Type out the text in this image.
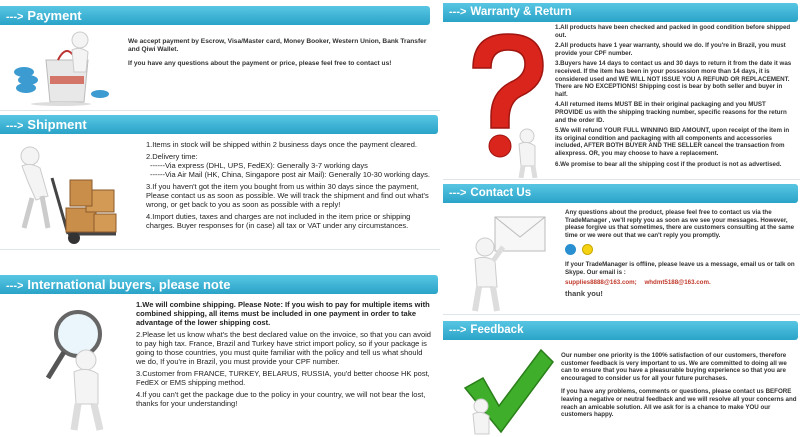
---> Payment

We accept payment by Escrow, Visa/Master card, Money Booker, Western Union, Bank Transfer and Qiwi Wallet.

If you have any questions about the payment or price, please feel free to contact us!

---> Shipment

1.Items in stock will be shipped within 2 business days once the payment cleared.

2.Delivery time:

------Via express (DHL, UPS, FedEX): Generally 3-7 working days

------Via Air Mail (HK, China, Singapore post air Mail): Generally 10-30 working days.

3.If you haven't got the item you bought from us within 30 days since the payment, Please contact us as soon as possible. We will track the shipment and find out what's wrong, or get back to you as soon as possible with a reply!

4.Import duties, taxes and charges are not included in the item price or shipping charges. Buyer responses for (in case) all tax or VAT under any circumstances.

---> International buyers, please note

1.We will combine shipping. Please Note: If you wish to pay for multiple items with combined shipping, all items must be included in one payment in order to take advantage of the lower shipping cost.

2.Please let us know what's the best declared value on the invoice, so that you can avoid to pay high tax. France, Brazil and Turkey have strict import policy, so if your package is going to those countries, you must quite familiar with the policy and tell us what should we do, If you're in Brazil, you must provide your CPF number.

3.Customer from FRANCE, TURKEY, BELARUS, RUSSIA, you'd better choose HK post, FedEX or EMS shipping method.

4.If you can't get the package due to the policy in your country, we will not bear the lost, thanks for your understanding!

---> Warranty & Return

1.All products have been checked and packed in good condition before shipped out.

2.All products have 1 year warranty, should we do. If you're in Brazil, you must provide your CPF number.

3.Buyers have 14 days to contact us and 30 days to return it from the date it was received. If the item has been in your possession more than 14 days, it is considered used and WE WILL NOT ISSUE YOU A REFUND OR REPLACEMENT. There are NO EXCEPTIONS! Shipping cost is bear by both seller and buyer in half.

4.All returned items MUST BE in their original packaging and you MUST PROVIDE us with the shipping tracking number, specific reasons for the return and the order ID.

5.We will refund YOUR FULL WINNING BID AMOUNT, upon receipt of the item in its original condition and packaging with all components and accessories included, AFTER BOTH BUYER AND THE SELLER cancel the transaction from aliexpress. OR, you may choose to have a replacement.

6.We promise to bear all the shipping cost if the product is not as advertised.

---> Contact Us

Any questions about the product, please feel free to contact us via the TradeManager , we'll reply you as soon as we see your messages. However, please forgive us that sometimes, there are customers consulting at the same time or we were out that we can't reply you promptly.

If your TradeManager is offline, please leave us a message, email us or talk on Skype. Our email is :

supplies8888@163.com; whdmt5188@163.com.

thank you!

---> Feedback

Our number one priority is the 100% satisfaction of our customers, therefore customer feedback is very important to us. We are committed to doing all we can to ensure that you have a pleasurable buying experience so that you are encouraged to consider us for all your future purchases.

If you have any problems, comments or questions, please contact us BEFORE leaving a negative or neutral feedback and we will resolve all your concerns and reach an amicable solution. All we ask for is a chance to make YOU our customers happy.
